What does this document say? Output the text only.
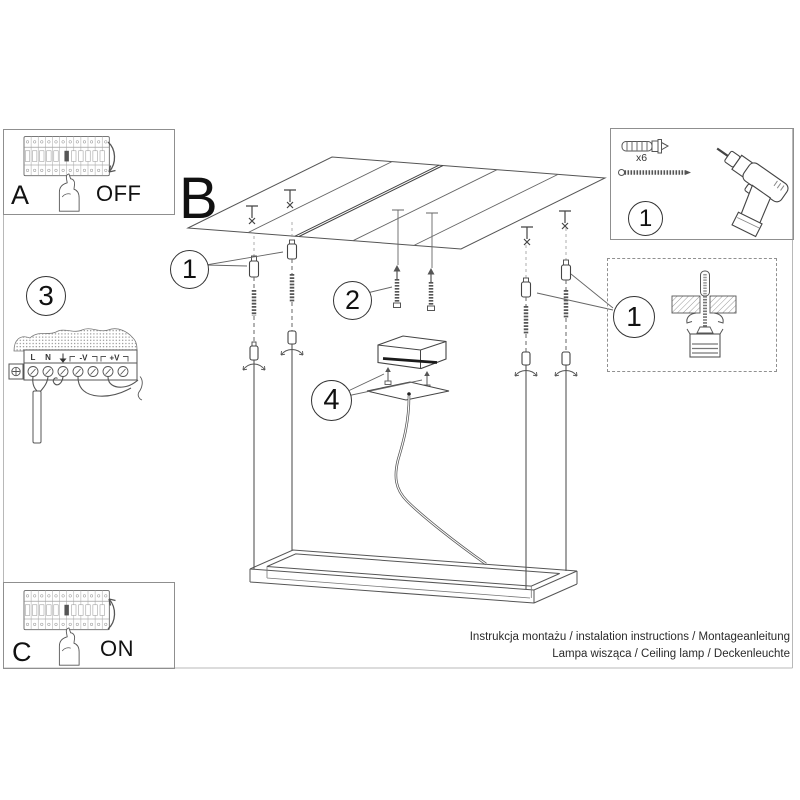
L N	-V	+V
A	OFF
C	ON
x6
B
1
2
3
4
1
1
Instrukcja montażu / instalation instructions / Montageanleitung
Lampa wisząca / Ceiling lamp / Deckenleuchte
